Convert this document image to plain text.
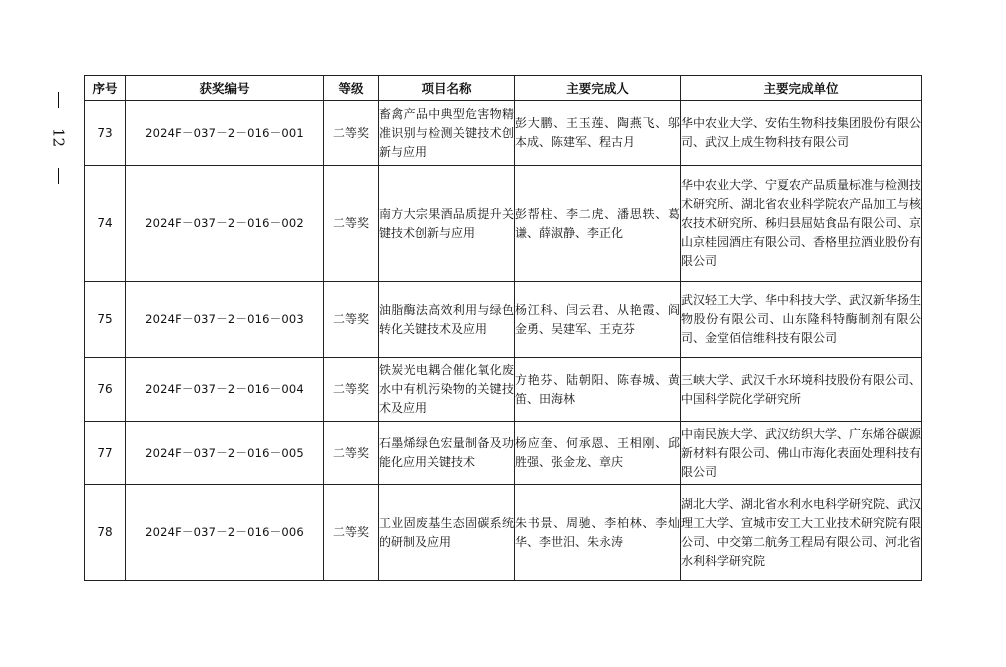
12
序号	获奖编号	等级	项目名称	主要完成人	主要完成单位
73	2024F－037－2－016－001	二等奖	畜禽产品中典型危害物精准识别与检测关键技术创新与应用	彭大鹏、王玉莲、陶燕飞、邬本成、陈建军、程古月	华中农业大学、安佑生物科技集团股份有限公司、武汉上成生物科技有限公司
74	2024F－037－2－016－002	二等奖	南方大宗果酒品质提升关键技术创新与应用	彭帮柱、李二虎、潘思轶、葛谦、薛淑静、李正化	华中农业大学、宁夏农产品质量标准与检测技术研究所、湖北省农业科学院农产品加工与核农技术研究所、秭归县屈姑食品有限公司、京山京桂园酒庄有限公司、香格里拉酒业股份有限公司
75	2024F－037－2－016－003	二等奖	油脂酶法高效利用与绿色转化关键技术及应用	杨江科、闫云君、从艳霞、阎金勇、吴建军、王克芬	武汉轻工大学、华中科技大学、武汉新华扬生物股份有限公司、山东隆科特酶制剂有限公司、金堂佰信维科技有限公司
76	2024F－037－2－016－004	二等奖	铁炭光电耦合催化氧化废水中有机污染物的关键技术及应用	方艳芬、陆朝阳、陈春城、黄笛、田海林	三峡大学、武汉千水环境科技股份有限公司、中国科学院化学研究所
77	2024F－037－2－016－005	二等奖	石墨烯绿色宏量制备及功能化应用关键技术	杨应奎、何承恩、王相刚、邱胜强、张金龙、章庆	中南民族大学、武汉纺织大学、广东烯谷碳源新材料有限公司、佛山市海化表面处理科技有限公司
78	2024F－037－2－016－006	二等奖	工业固废基生态固碳系统的研制及应用	朱书景、周驰、李柏林、李灿华、李世汨、朱永涛	湖北大学、湖北省水利水电科学研究院、武汉理工大学、宣城市安工大工业技术研究院有限公司、中交第二航务工程局有限公司、河北省水利科学研究院
